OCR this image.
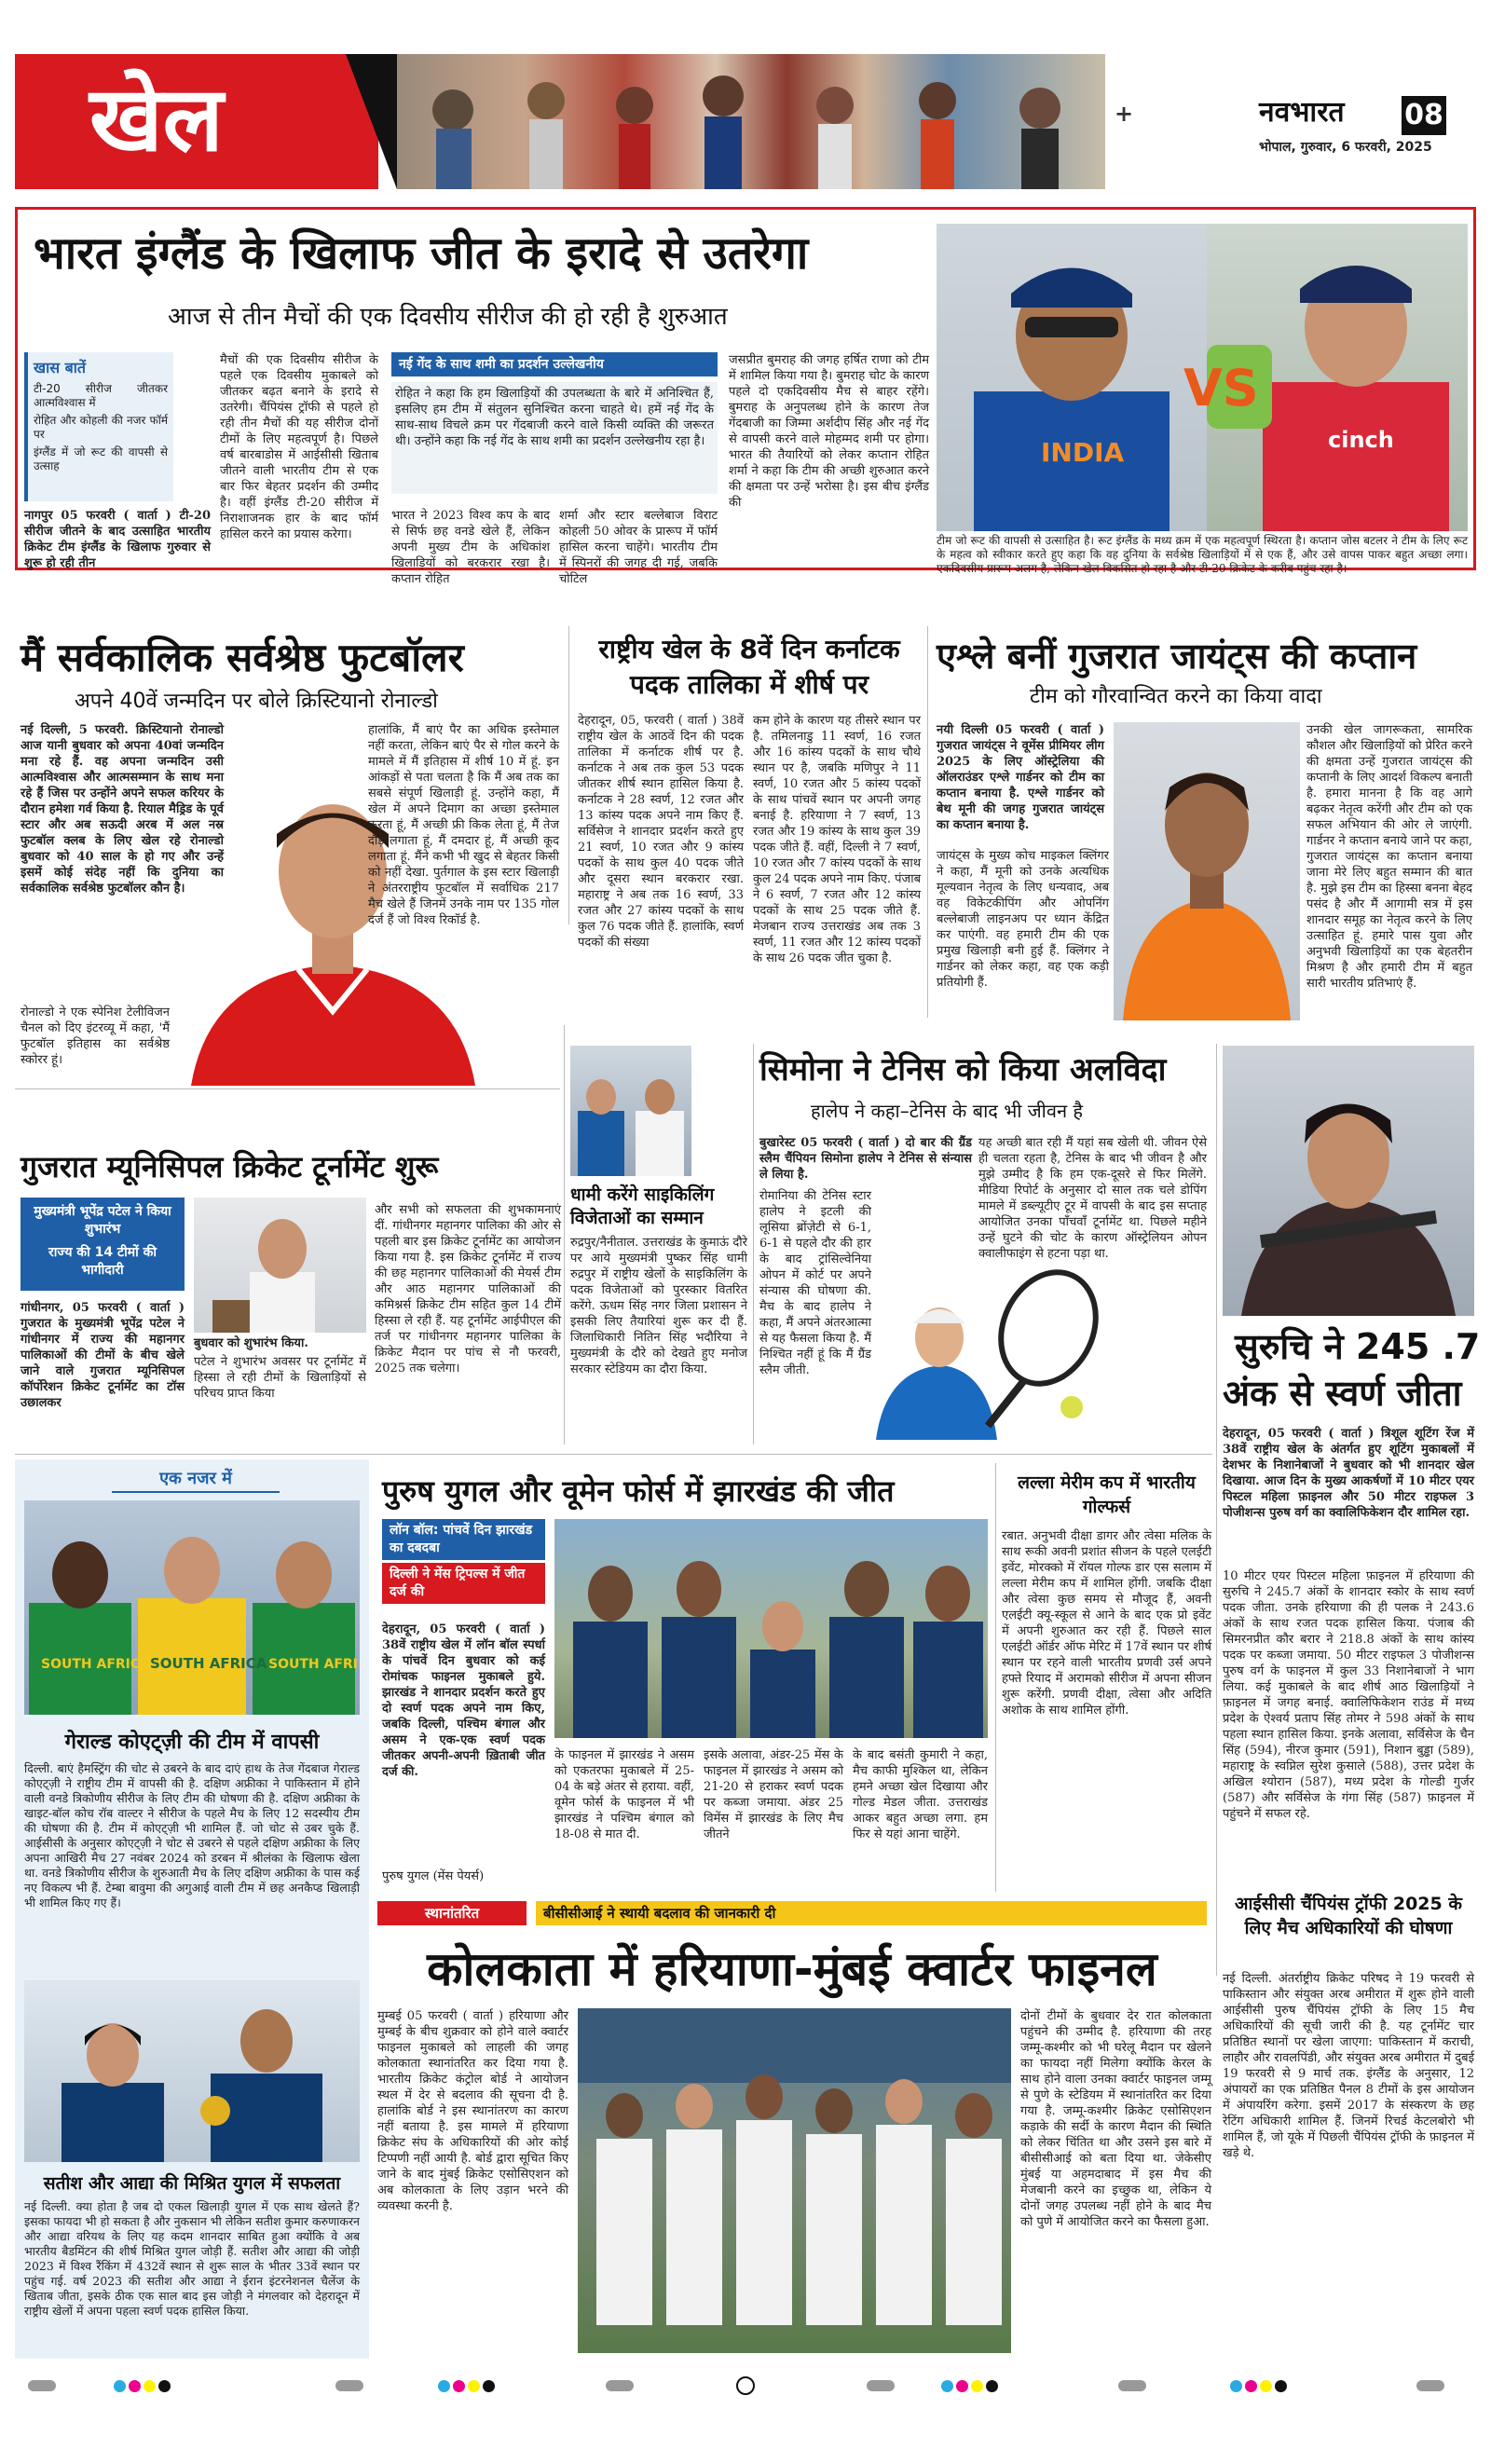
खेल	+	नवभारत 08
भोपाल, गुरुवार, 6 फरवरी, 2025
भारत इंग्लैंड के खिलाफ जीत के इरादे से उतरेगा
आज से तीन मैचों की एक दिवसीय सीरीज की हो रही है शुरुआत
खास बातें
टी-20 सीरीज जीतकर आत्मविश्वास में
रोहित और कोहली की नजर फॉर्म पर
इंग्लैंड में जो रूट की वापसी से उत्साह
नागपुर 05 फरवरी ( वार्ता ) टी-20 सीरीज जीतने के बाद उत्साहित भारतीय क्रिकेट टीम इंग्लैंड के खिलाफ गुरुवार से शुरू हो रही तीन
मैचों की एक दिवसीय सीरीज के पहले एक दिवसीय मुकाबले को जीतकर बढ़त बनाने के इरादे से उतरेगी। चैंपियंस ट्रॉफी से पहले हो रही तीन मैचों की यह सीरीज दोनों टीमों के लिए महत्वपूर्ण है। पिछले वर्ष बारबाडोस में आईसीसी खिताब जीतने वाली भारतीय टीम से एक बार फिर बेहतर प्रदर्शन की उम्मीद है। वहीं इंग्लैंड टी-20 सीरीज में निराशाजनक हार के बाद फॉर्म हासिल करने का प्रयास करेगा।
नई गेंद के साथ शमी का प्रदर्शन उल्लेखनीय
रोहित ने कहा कि हम खिलाड़ियों की उपलब्धता के बारे में अनिश्चित हैं, इसलिए हम टीम में संतुलन सुनिश्चित करना चाहते थे। हमें नई गेंद के साथ-साथ विचले क्रम पर गेंदबाजी करने वाले किसी व्यक्ति की जरूरत थी। उन्होंने कहा कि नई गेंद के साथ शमी का प्रदर्शन उल्लेखनीय रहा है।
भारत ने 2023 विश्व कप के बाद से सिर्फ छह वनडे खेले हैं, लेकिन अपनी मुख्य टीम के अधिकांश खिलाड़ियों को बरकरार रखा है। कप्तान रोहित
शर्मा और स्टार बल्लेबाज विराट कोहली 50 ओवर के प्रारूप में फॉर्म हासिल करना चाहेंगे। भारतीय टीम में स्पिनरों की जगह दी गई, जबकि चोटिल
जसप्रीत बुमराह की जगह हर्षित राणा को टीम में शामिल किया गया है। बुमराह चोट के कारण पहले दो एकदिवसीय मैच से बाहर रहेंगे। बुमराह के अनुपलब्ध होने के कारण तेज गेंदबाजी का जिम्मा अर्शदीप सिंह और नई गेंद से वापसी करने वाले मोहम्मद शमी पर होगा। भारत की तैयारियों को लेकर कप्तान रोहित शर्मा ने कहा कि टीम की अच्छी शुरुआत करने की क्षमता पर उन्हें भरोसा है। इस बीच इंग्लैंड की
INDIA	cinch
VS
टीम जो रूट की वापसी से उत्साहित है। रूट इंग्लैंड के मध्य क्रम में एक महत्वपूर्ण स्थिरता है। कप्तान जोस बटलर ने टीम के लिए रूट के महत्व को स्वीकार करते हुए कहा कि वह दुनिया के सर्वश्रेष्ठ खिलाड़ियों में से एक हैं, और उसे वापस पाकर बहुत अच्छा लगा। एकदिवसीय प्रारूप अलग है, लेकिन खेल विकसित हो रहा है और टी-20 क्रिकेट के करीब पहुंच रहा है।
मैं सर्वकालिक सर्वश्रेष्ठ फुटबॉलर
अपने 40वें जन्मदिन पर बोले क्रिस्टियानो रोनाल्डो
नई दिल्ली, 5 फरवरी. क्रिस्टियानो रोनाल्डो आज यानी बुधवार को अपना 40वां जन्मदिन मना रहे हैं. वह अपना जन्मदिन उसी आत्मविश्वास और आत्मसम्मान के साथ मना रहे हैं जिस पर उन्होंने अपने सफल करियर के दौरान हमेशा गर्व किया है. रियाल मैड्रिड के पूर्व स्टार और अब सऊदी अरब में अल नस्र फुटबॉल क्लब के लिए खेल रहे रोनाल्डो बुधवार को 40 साल के हो गए और उन्हें इसमें कोई संदेह नहीं कि दुनिया का सर्वकालिक सर्वश्रेष्ठ फुटबॉलर कौन है।
हालांकि, मैं बाएं पैर का अधिक इस्तेमाल नहीं करता, लेकिन बाएं पैर से गोल करने के मामले में मैं इतिहास में शीर्ष 10 में हूं. इन आंकड़ों से पता चलता है कि मैं अब तक का सबसे संपूर्ण खिलाड़ी हूं. उन्होंने कहा, मैं खेल में अपने दिमाग का अच्छा इस्तेमाल करता हूं, मैं अच्छी फ्री किक लेता हूं, मैं तेज दौड़ लगाता हूं, मैं दमदार हूं, मैं अच्छी कूद लगाता हूं. मैंने कभी भी खुद से बेहतर किसी को नहीं देखा. पुर्तगाल के इस स्टार खिलाड़ी ने अंतरराष्ट्रीय फुटबॉल में सर्वाधिक 217 मैच खेले हैं जिनमें उनके नाम पर 135 गोल दर्ज हैं जो विश्व रिकॉर्ड है.
रोनाल्डो ने एक स्पेनिश टेलीविजन चैनल को दिए इंटरव्यू में कहा, 'मैं फुटबॉल इतिहास का सर्वश्रेष्ठ स्कोरर हूं।
राष्ट्रीय खेल के 8वें दिन कर्नाटक
पदक तालिका में शीर्ष पर
देहरादून, 05, फरवरी ( वार्ता ) 38वें राष्ट्रीय खेल के आठवें दिन की पदक तालिका में कर्नाटक शीर्ष पर है. कर्नाटक ने अब तक कुल 53 पदक जीतकर शीर्ष स्थान हासिल किया है. कर्नाटक ने 28 स्वर्ण, 12 रजत और 13 कांस्य पदक अपने नाम किए हैं. सर्विसेज ने शानदार प्रदर्शन करते हुए 21 स्वर्ण, 10 रजत और 9 कांस्य पदकों के साथ कुल 40 पदक जीते और दूसरा स्थान बरकरार रखा. महाराष्ट्र ने अब तक 16 स्वर्ण, 33 रजत और 27 कांस्य पदकों के साथ कुल 76 पदक जीते हैं. हालांकि, स्वर्ण पदकों की संख्या
कम होने के कारण यह तीसरे स्थान पर है. तमिलनाडु 11 स्वर्ण, 16 रजत और 16 कांस्य पदकों के साथ चौथे स्थान पर है, जबकि मणिपुर ने 11 स्वर्ण, 10 रजत और 5 कांस्य पदकों के साथ पांचवें स्थान पर अपनी जगह बनाई है. हरियाणा ने 7 स्वर्ण, 13 रजत और 19 कांस्य के साथ कुल 39 पदक जीते हैं. वहीं, दिल्ली ने 7 स्वर्ण, 10 रजत और 7 कांस्य पदकों के साथ कुल 24 पदक अपने नाम किए. पंजाब ने 6 स्वर्ण, 7 रजत और 12 कांस्य पदकों के साथ 25 पदक जीते हैं. मेजबान राज्य उत्तराखंड अब तक 3 स्वर्ण, 11 रजत और 12 कांस्य पदकों के साथ 26 पदक जीत चुका है.
एश्ले बनीं गुजरात जायंट्स की कप्तान
टीम को गौरवान्वित करने का किया वादा
नयी दिल्ली 05 फरवरी ( वार्ता ) गुजरात जायंट्स ने वूमेंस प्रीमियर लीग 2025 के लिए ऑस्ट्रेलिया की ऑलराउंडर एश्ले गार्डनर को टीम का कप्तान बनाया है. एश्ले गार्डनर को बेथ मूनी की जगह गुजरात जायंट्स का कप्तान बनाया है.
जायंट्स के मुख्य कोच माइकल क्लिंगर ने कहा, मैं मूनी को उनके अत्यधिक मूल्यवान नेतृत्व के लिए धन्यवाद, अब वह विकेटकीपिंग और ओपनिंग बल्लेबाजी लाइनअप पर ध्यान केंद्रित कर पाएंगी. वह हमारी टीम की एक प्रमुख खिलाड़ी बनी हुई हैं. क्लिंगर ने गार्डनर को लेकर कहा, वह एक कड़ी प्रतियोगी हैं.
उनकी खेल जागरूकता, सामरिक कौशल और खिलाड़ियों को प्रेरित करने की क्षमता उन्हें गुजरात जायंट्स की कप्तानी के लिए आदर्श विकल्प बनाती है. हमारा मानना है कि वह आगे बढ़कर नेतृत्व करेंगी और टीम को एक सफल अभियान की ओर ले जाएंगी. गार्डनर ने कप्तान बनाये जाने पर कहा, गुजरात जायंट्स का कप्तान बनाया जाना मेरे लिए बहुत सम्मान की बात है. मुझे इस टीम का हिस्सा बनना बेहद पसंद है और मैं आगामी सत्र में इस शानदार समूह का नेतृत्व करने के लिए उत्साहित हूं. हमारे पास युवा और अनुभवी खिलाड़ियों का एक बेहतरीन मिश्रण है और हमारी टीम में बहुत सारी भारतीय प्रतिभाएं हैं.
गुजरात म्यूनिसिपल क्रिकेट टूर्नामेंट शुरू
मुख्यमंत्री भूपेंद्र पटेल ने किया शुभारंभ
राज्य की 14 टीमों की भागीदारी
गांधीनगर, 05 फरवरी ( वार्ता ) गुजरात के मुख्यमंत्री भूपेंद्र पटेल ने गांधीनगर में राज्य की महानगर पालिकाओं की टीमों के बीच खेले जाने वाले गुजरात म्यूनिसिपल कॉर्पोरेशन क्रिकेट टूर्नामेंट का टॉस उछालकर
बुधवार को शुभारंभ किया.
पटेल ने शुभारंभ अवसर पर टूर्नामेंट में हिस्सा ले रही टीमों के खिलाड़ियों से परिचय प्राप्त किया
और सभी को सफलता की शुभकामनाएं दीं. गांधीनगर महानगर पालिका की ओर से पहली बार इस क्रिकेट टूर्नामेंट का आयोजन किया गया है. इस क्रिकेट टूर्नामेंट में राज्य की छह महानगर पालिकाओं की मेयर्स टीम और आठ महानगर पालिकाओं की कमिश्नर्स क्रिकेट टीम सहित कुल 14 टीमें हिस्सा ले रही हैं. यह टूर्नामेंट आईपीएल की तर्ज पर गांधीनगर महानगर पालिका के क्रिकेट मैदान पर पांच से नौ फरवरी, 2025 तक चलेगा।
धामी करेंगे साइकिलिंग विजेताओं का सम्मान
रुद्रपुर/नैनीताल. उत्तराखंड के कुमाऊं दौरे पर आये मुख्यमंत्री पुष्कर सिंह धामी रुद्रपुर में राष्ट्रीय खेलों के साइकिलिंग के पदक विजेताओं को पुरस्कार वितरित करेंगे. ऊधम सिंह नगर जिला प्रशासन ने इसकी लिए तैयारियां शुरू कर दी हैं. जिलाधिकारी नितिन सिंह भदौरिया ने मुख्यमंत्री के दौरे को देखते हुए मनोज सरकार स्टेडियम का दौरा किया.
सिमोना ने टेनिस को किया अलविदा
हालेप ने कहा–टेनिस के बाद भी जीवन है
बुखारेस्ट 05 फरवरी ( वार्ता ) दो बार की ग्रैंड स्लैम चैंपियन सिमोना हालेप ने टेनिस से संन्यास ले लिया है.
रोमानिया की टेनिस स्टार हालेप ने इटली की लूसिया ब्रोंज़ेटी से 6-1, 6-1 से पहले दौर की हार के बाद ट्रांसिल्वेनिया ओपन में कोर्ट पर अपने संन्यास की घोषणा की. मैच के बाद हालेप ने कहा, मैं अपने अंतरआत्मा से यह फैसला किया है. मैं निश्चित नहीं हूं कि मैं ग्रैंड स्लैम जीती.
यह अच्छी बात रही मैं यहां सब खेली थी. जीवन ऐसे ही चलता रहता है, टेनिस के बाद भी जीवन है और मुझे उम्मीद है कि हम एक-दूसरे से फिर मिलेंगे. मीडिया रिपोर्ट के अनुसार दो साल तक चले डोपिंग मामले में डब्ल्यूटीए टूर में वापसी के बाद इस सप्ताह आयोजित उनका पाँचवाँ टूर्नामेंट था. पिछले महीने उन्हें घुटने की चोट के कारण ऑस्ट्रेलियन ओपन क्वालीफाइंग से हटना पड़ा था.
सुरुचि ने 245 .7
अंक से स्वर्ण जीता
देहरादून, 05 फरवरी ( वार्ता ) त्रिशूल शूटिंग रेंज में 38वें राष्ट्रीय खेल के अंतर्गत हुए शूटिंग मुकाबलों में देशभर के निशानेबाजों ने बुधवार को भी शानदार खेल दिखाया. आज दिन के मुख्य आकर्षणों में 10 मीटर एयर पिस्टल महिला फ़ाइनल और 50 मीटर राइफल 3 पोजीशन्स पुरुष वर्ग का क्वालिफिकेशन दौर शामिल रहा.
10 मीटर एयर पिस्टल महिला फ़ाइनल में हरियाणा की सुरुचि ने 245.7 अंकों के शानदार स्कोर के साथ स्वर्ण पदक जीता. उनके हरियाणा की ही पलक ने 243.6 अंकों के साथ रजत पदक हासिल किया. पंजाब की सिमरनप्रीत कौर बरार ने 218.8 अंकों के साथ कांस्य पदक पर कब्जा जमाया. 50 मीटर राइफल 3 पोजीशन्स पुरुष वर्ग के फाइनल में कुल 33 निशानेबाजों ने भाग लिया. कई मुकाबले के बाद शीर्ष आठ खिलाड़ियों ने फ़ाइनल में जगह बनाई. क्वालिफिकेशन राउंड में मध्य प्रदेश के ऐश्वर्य प्रताप सिंह तोमर ने 598 अंकों के साथ पहला स्थान हासिल किया. इनके अलावा, सर्विसेज के चैन सिंह (594), नीरज कुमार (591), निशान बुड्ढा (589), महाराष्ट्र के स्वप्निल सुरेश कुसाले (588), उत्तर प्रदेश के अखिल श्योरान (587), मध्य प्रदेश के गोल्डी गुर्जर (587) और सर्विसेज के गंगा सिंह (587) फ़ाइनल में पहुंचने में सफल रहे.
एक नजर में
SOUTH AFRICA SOUTH AFRICA SOUTH AFRI
गेराल्ड कोएट्ज़ी की टीम में वापसी
दिल्ली. बाएं हैमस्ट्रिंग की चोट से उबरने के बाद दाएं हाथ के तेज गेंदबाज गेराल्ड कोएट्ज़ी ने राष्ट्रीय टीम में वापसी की है. दक्षिण अफ्रीका ने पाकिस्तान में होने वाली वनडे त्रिकोणीय सीरीज के लिए टीम की घोषणा की है. दक्षिण अफ्रीका के खाइट-बॉल कोच रॉब वाल्टर ने सीरीज के पहले मैच के लिए 12 सदस्यीय टीम की घोषणा की है. टीम में कोएट्ज़ी भी शामिल हैं. जो चोट से उबर चुके हैं. आईसीसी के अनुसार कोएट्ज़ी ने चोट से उबरने से पहले दक्षिण अफ्रीका के लिए अपना आखिरी मैच 27 नवंबर 2024 को डरबन में श्रीलंका के खिलाफ खेला था. वनडे त्रिकोणीय सीरीज के शुरुआती मैच के लिए दक्षिण अफ्रीका के पास कई नए विकल्प भी हैं. टेम्बा बावुमा की अगुआई वाली टीम में छह अनकैप्ड खिलाड़ी भी शामिल किए गए हैं।
सतीश और आद्या की मिश्रित युगल में सफलता
नई दिल्ली. क्या होता है जब दो एकल खिलाड़ी युगल में एक साथ खेलते हैं? इसका फायदा भी हो सकता है और नुकसान भी लेकिन सतीश कुमार करुणाकरन और आद्या वरियथ के लिए यह कदम शानदार साबित हुआ क्योंकि वे अब भारतीय बैडमिंटन की शीर्ष मिश्रित युगल जोड़ी हैं. सतीश और आद्या की जोड़ी 2023 में विश्व रैंकिंग में 432वें स्थान से शुरू साल के भीतर 33वें स्थान पर पहुंच गई. वर्ष 2023 की सतीश और आद्या ने ईरान इंटरनेशनल चैलेंज के खिताब जीता, इसके ठीक एक साल बाद इस जोड़ी ने मंगलवार को देहरादून में राष्ट्रीय खेलों में अपना पहला स्वर्ण पदक हासिल किया.
पुरुष युगल और वूमेन फोर्स में झारखंड की जीत
लॉन बॉल: पांचवें दिन झारखंड का दबदबा
दिल्ली ने मेंस ट्रिपल्स में जीत दर्ज की
देहरादून, 05 फरवरी ( वार्ता ) 38वें राष्ट्रीय खेल में लॉन बॉल स्पर्धा के पांचवें दिन बुधवार को कई रोमांचक फाइनल मुकाबले हुये. झारखंड ने शानदार प्रदर्शन करते हुए दो स्वर्ण पदक अपने नाम किए, जबकि दिल्ली, पश्चिम बंगाल और असम ने एक-एक स्वर्ण पदक जीतकर अपनी-अपनी ख़िताबी जीत दर्ज की.
पुरुष युगल (मेंस पेयर्स)
के फाइनल में झारखंड ने असम को एकतरफा मुकाबले में 25-04 के बड़े अंतर से हराया. वहीं, वूमेन फोर्स के फाइनल में भी झारखंड ने पश्चिम बंगाल को 18-08 से मात दी.
इसके अलावा, अंडर-25 मेंस के फाइनल में झारखंड ने असम को 21-20 से हराकर स्वर्ण पदक पर कब्जा जमाया. अंडर 25 विमेंस में झारखंड के लिए मैच जीतने
के बाद बसंती कुमारी ने कहा, मैच काफी मुश्किल था, लेकिन हमने अच्छा खेल दिखाया और गोल्ड मेडल जीता. उत्तराखंड आकर बहुत अच्छा लगा. हम फिर से यहां आना चाहेंगे.
लल्ला मेरीम कप में भारतीय गोल्फर्स
रबात. अनुभवी दीक्षा डागर और त्वेसा मलिक के साथ रूकी अवनी प्रशांत सीजन के पहले एलईटी इवेंट, मोरक्को में रॉयल गोल्फ डार एस सलाम में लल्ला मेरीम कप में शामिल होंगी. जबकि दीक्षा और त्वेसा कुछ समय से मौजूद हैं, अवनी एलईटी क्यू-स्कूल से आने के बाद एक प्रो इवेंट में अपनी शुरुआत कर रही हैं. पिछले साल एलईटी ऑर्डर ऑफ मेरिट में 17वें स्थान पर शीर्ष स्थान पर रहने वाली भारतीय प्रणवी उर्स अपने हफ्ते रियाद में अरामको सीरीज में अपना सीजन शुरू करेंगी. प्रणवी दीक्षा, त्वेसा और अदिति अशोक के साथ शामिल होंगी.
स्थानांतरित	बीसीसीआई ने स्थायी बदलाव की जानकारी दी
कोलकाता में हरियाणा-मुंबई क्वार्टर फाइनल
मुम्बई 05 फरवरी ( वार्ता ) हरियाणा और मुम्बई के बीच शुक्रवार को होने वाले क्वार्टर फाइनल मुकाबले को लाहली की जगह कोलकाता स्थानांतरित कर दिया गया है. भारतीय क्रिकेट कंट्रोल बोर्ड ने आयोजन स्थल में देर से बदलाव की सूचना दी है. हालांकि बोर्ड ने इस स्थानांतरण का कारण नहीं बताया है. इस मामले में हरियाणा क्रिकेट संघ के अधिकारियों की ओर कोई टिप्पणी नहीं आयी है. बोर्ड द्वारा सूचित किए जाने के बाद मुंबई क्रिकेट एसोसिएशन को अब कोलकाता के लिए उड़ान भरने की व्यवस्था करनी है.
दोनों टीमों के बुधवार देर रात कोलकाता पहुंचने की उम्मीद है. हरियाणा की तरह जम्मू-कश्मीर को भी घरेलू मैदान पर खेलने का फायदा नहीं मिलेगा क्योंकि केरल के साथ होने वाला उनका क्वार्टर फाइनल जम्मू से पुणे के स्टेडियम में स्थानांतरित कर दिया गया है. जम्मू-कश्मीर क्रिकेट एसोसिएशन कड़ाके की सर्दी के कारण मैदान की स्थिति को लेकर चिंतित था और उसने इस बारे में बीसीसीआई को बता दिया था. जेकेसीए मुंबई या अहमदाबाद में इस मैच की मेजबानी करने का इच्छुक था, लेकिन ये दोनों जगह उपलब्ध नहीं होने के बाद मैच को पुणे में आयोजित करने का फैसला हुआ.
आईसीसी चैंपियंस ट्रॉफी 2025 के लिए मैच अधिकारियों की घोषणा
नई दिल्ली. अंतर्राष्ट्रीय क्रिकेट परिषद ने 19 फरवरी से पाकिस्तान और संयुक्त अरब अमीरात में शुरू होने वाली आईसीसी पुरुष चैंपियंस ट्रॉफी के लिए 15 मैच अधिकारियों की सूची जारी की है. यह टूर्नामेंट चार प्रतिष्ठित स्थानों पर खेला जाएगा: पाकिस्तान में कराची, लाहौर और रावलपिंडी, और संयुक्त अरब अमीरात में दुबई 19 फरवरी से 9 मार्च तक. इंग्लैंड के अनुसार, 12 अंपायरों का एक प्रतिष्ठित पैनल 8 टीमों के इस आयोजन में अंपायरिंग करेगा. इसमें 2017 के संस्करण के छह रेटिंग अधिकारी शामिल हैं. जिनमें रिचर्ड केटलबोरो भी शामिल हैं, जो यूके में पिछली चैंपियंस ट्रॉफी के फ़ाइनल में खड़े थे.
